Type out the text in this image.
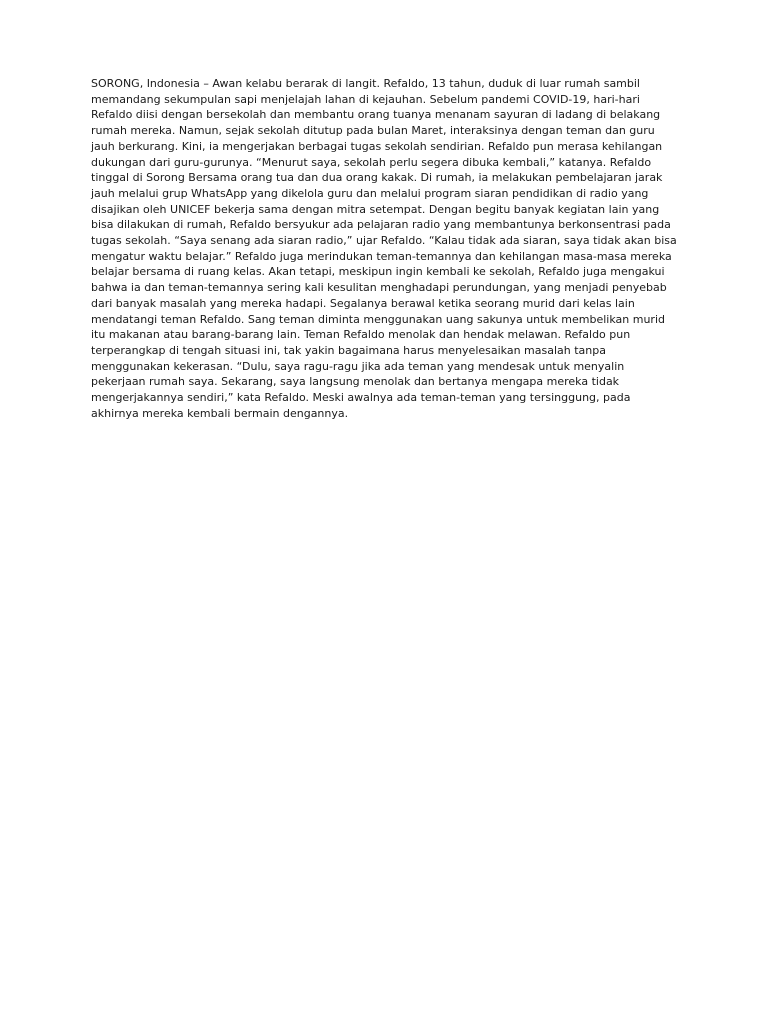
SORONG, Indonesia – Awan kelabu berarak di langit. Refaldo, 13 tahun, duduk di luar rumah sambil memandang sekumpulan sapi menjelajah lahan di kejauhan. Sebelum pandemi COVID-19, hari-hari Refaldo diisi dengan bersekolah dan membantu orang tuanya menanam sayuran di ladang di belakang rumah mereka. Namun, sejak sekolah ditutup pada bulan Maret, interaksinya dengan teman dan guru jauh berkurang. Kini, ia mengerjakan berbagai tugas sekolah sendirian. Refaldo pun merasa kehilangan dukungan dari guru-gurunya. “Menurut saya, sekolah perlu segera dibuka kembali,” katanya. Refaldo tinggal di Sorong Bersama orang tua dan dua orang kakak. Di rumah, ia melakukan pembelajaran jarak jauh melalui grup WhatsApp yang dikelola guru dan melalui program siaran pendidikan di radio yang disajikan oleh UNICEF bekerja sama dengan mitra setempat. Dengan begitu banyak kegiatan lain yang bisa dilakukan di rumah, Refaldo bersyukur ada pelajaran radio yang membantunya berkonsentrasi pada tugas sekolah. “Saya senang ada siaran radio,” ujar Refaldo. “Kalau tidak ada siaran, saya tidak akan bisa mengatur waktu belajar.” Refaldo juga merindukan teman-temannya dan kehilangan masa-masa mereka belajar bersama di ruang kelas. Akan tetapi, meskipun ingin kembali ke sekolah, Refaldo juga mengakui bahwa ia dan teman-temannya sering kali kesulitan menghadapi perundungan, yang menjadi penyebab dari banyak masalah yang mereka hadapi. Segalanya berawal ketika seorang murid dari kelas lain mendatangi teman Refaldo. Sang teman diminta menggunakan uang sakunya untuk membelikan murid itu makanan atau barang-barang lain. Teman Refaldo menolak dan hendak melawan. Refaldo pun terperangkap di tengah situasi ini, tak yakin bagaimana harus menyelesaikan masalah tanpa menggunakan kekerasan. “Dulu, saya ragu-ragu jika ada teman yang mendesak untuk menyalin pekerjaan rumah saya. Sekarang, saya langsung menolak dan bertanya mengapa mereka tidak mengerjakannya sendiri,” kata Refaldo. Meski awalnya ada teman-teman yang tersinggung, pada akhirnya mereka kembali bermain dengannya.
